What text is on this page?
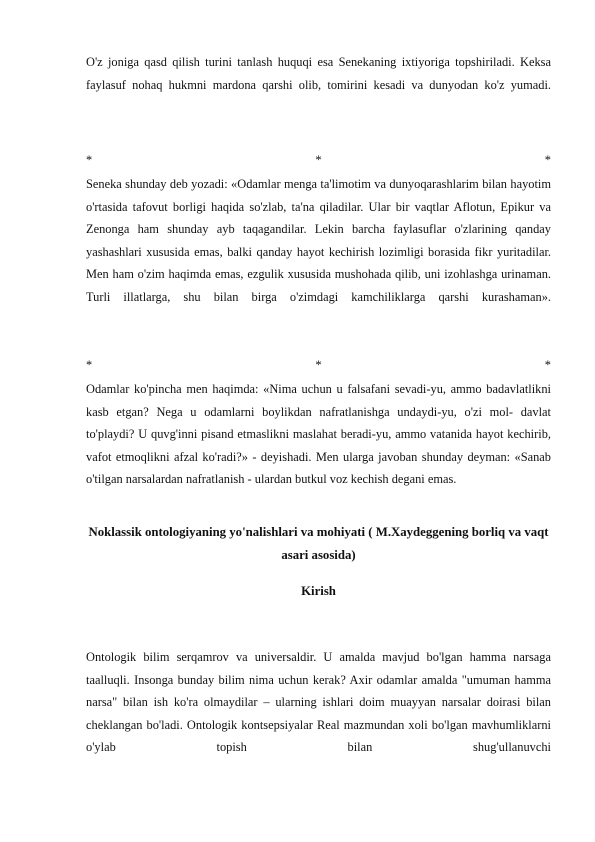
O'z joniga qasd qilish turini tanlash huquqi esa Senekaning ixtiyoriga topshiriladi. Keksa faylasuf nohaq hukmni mardona qarshi olib, tomirini kesadi va dunyodan ko'z yumadi.

*	*	*

Seneka shunday deb yozadi: «Odamlar menga ta'limotim va dunyoqarashlarim bilan hayotim o'rtasida tafovut borligi haqida so'zlab, ta'na qiladilar. Ular bir vaqtlar Aflotun, Epikur va Zenonga ham shunday ayb taqagandilar. Lekin barcha faylasuflar o'zlarining qanday yashashlari xususida emas, balki qanday hayot kechirish lozimligi borasida fikr yuritadilar. Men ham o'zim haqimda emas, ezgulik xususida mushohada qilib, uni izohlashga urinaman. Turli illatlarga, shu bilan birga o'zimdagi kamchiliklarga qarshi kurashaman».

*	*	*

Odamlar ko'pincha men haqimda: «Nima uchun u falsafani sevadi-yu, ammo badavlatlikni kasb etgan? Nega u odamlarni boylikdan nafratlanishga undaydi-yu, o'zi mol- davlat to'playdi? U quvg'inni pisand etmaslikni maslahat beradi-yu, ammo vatanida hayot kechirib, vafot etmoqlikni afzal ko'radi?» - deyishadi. Men ularga javoban shunday deyman: «Sanab o'tilgan narsalardan nafratlanish - ulardan butkul voz kechish degani emas.

Noklassik ontologiyaning yo'nalishlari va mohiyati ( M.Xaydeggening borliq va vaqt asari asosida)
Kirish

Ontologik bilim serqamrov va universaldir. U amalda mavjud bo'lgan hamma narsaga taalluqli. Insonga bunday bilim nima uchun kerak? Axir odamlar amalda "umuman hamma narsa" bilan ish ko'ra olmaydilar – ularning ishlari doim muayyan narsalar doirasi bilan cheklangan bo'ladi. Ontologik kontsepsiyalar Real mazmundan xoli bo'lgan mavhumliklarni o'ylab topish bilan shug'ullanuvchi
